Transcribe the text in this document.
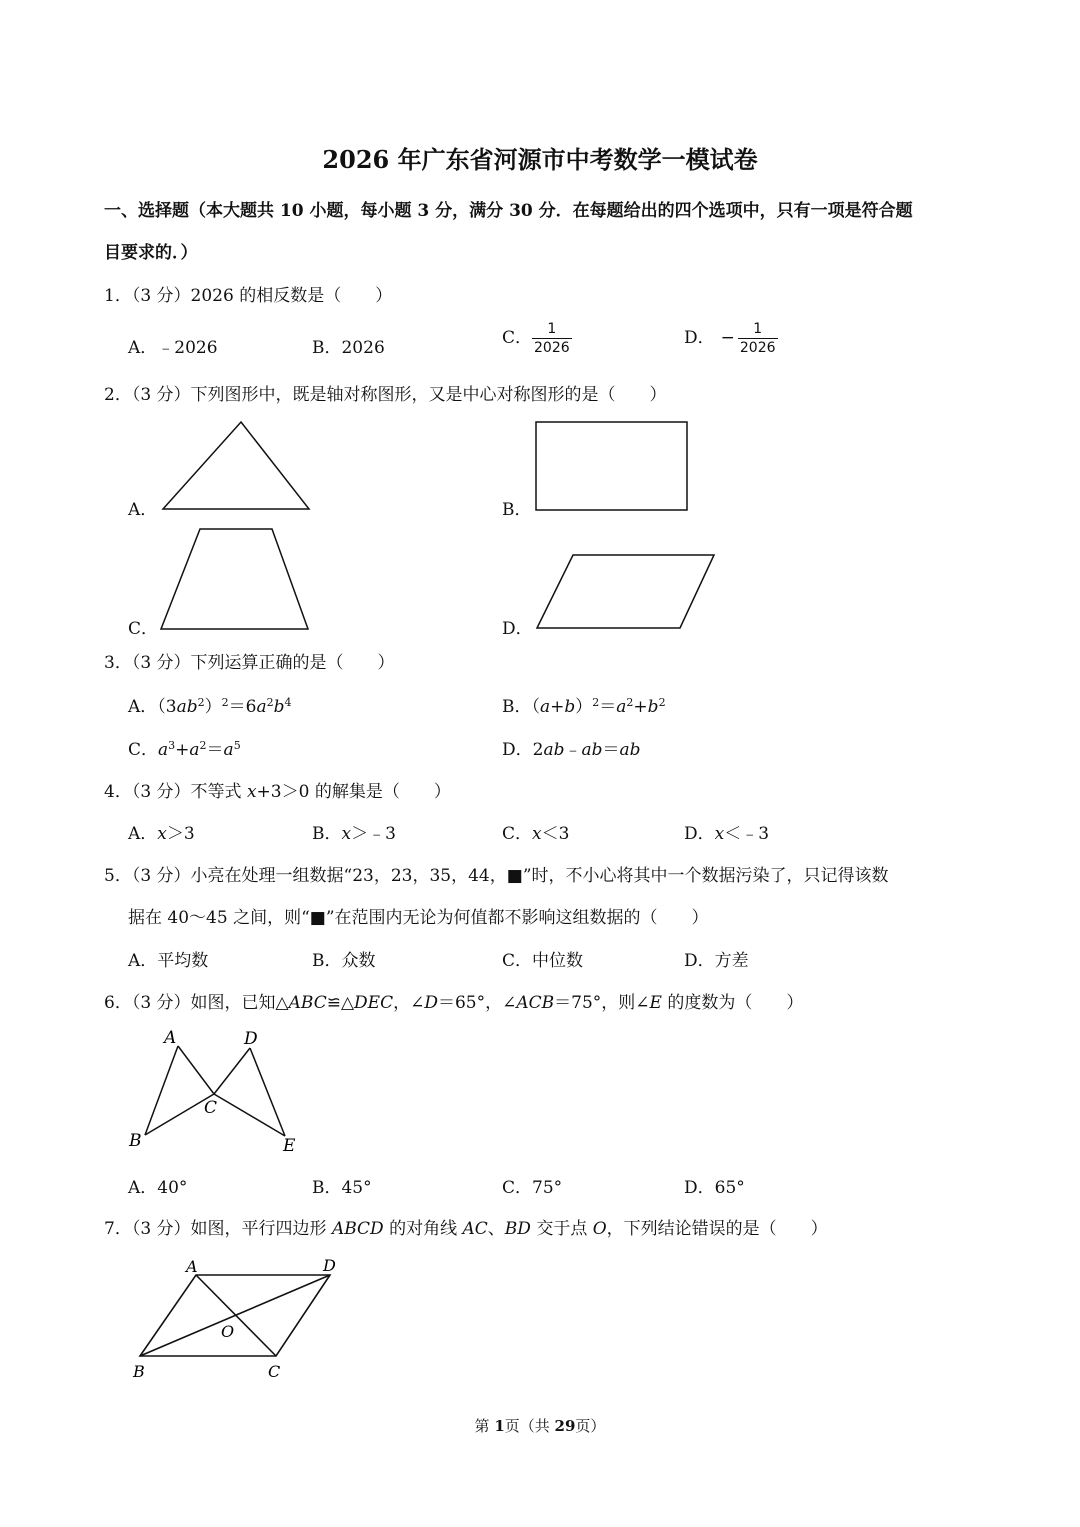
2026 年广东省河源市中考数学一模试卷
一、选择题（本大题共 10 小题，每小题 3 分，满分 30 分．在每题给出的四个选项中，只有一项是符合题
目要求的．）
1．（3 分）2026 的相反数是（　　）
A．﹣2026	B．2026	C． $\frac{1}{2026}$	D． − $\frac{1}{2026}$
2．（3 分）下列图形中，既是轴对称图形，又是中心对称图形的是（　　）
A．	B．
C．	D．
3．（3 分）下列运算正确的是（　　）
A．$(3ab^2)^2=6a^2b^4$	B．$(a+b)^2=a^2+b^2$
C．$a^3+a^2=a^5$	D．2ab﹣ab＝ab
4．（3 分）不等式 x+3＞0 的解集是（　　）
A．x＞3	B．x＞﹣3	C．x＜3	D．x＜﹣3
5．（3 分）小亮在处理一组数据“23，23，35，44，■”时，不小心将其中一个数据污染了，只记得该数
据在 40～45 之间，则“■”在范围内无论为何值都不影响这组数据的（　　）
A．平均数	B．众数	C．中位数	D．方差
6．（3 分）如图，已知△ABC≌△DEC，∠D＝65°，∠ACB＝75°，则∠E 的度数为（　　）
A
B
C
D
E
A．40°	B．45°	C．75°	D．65°
7．（3 分）如图，平行四边形 ABCD 的对角线 AC、BD 交于点 O，下列结论错误的是（　　）
A	D
B	C
O
第 1页（共 29页）
